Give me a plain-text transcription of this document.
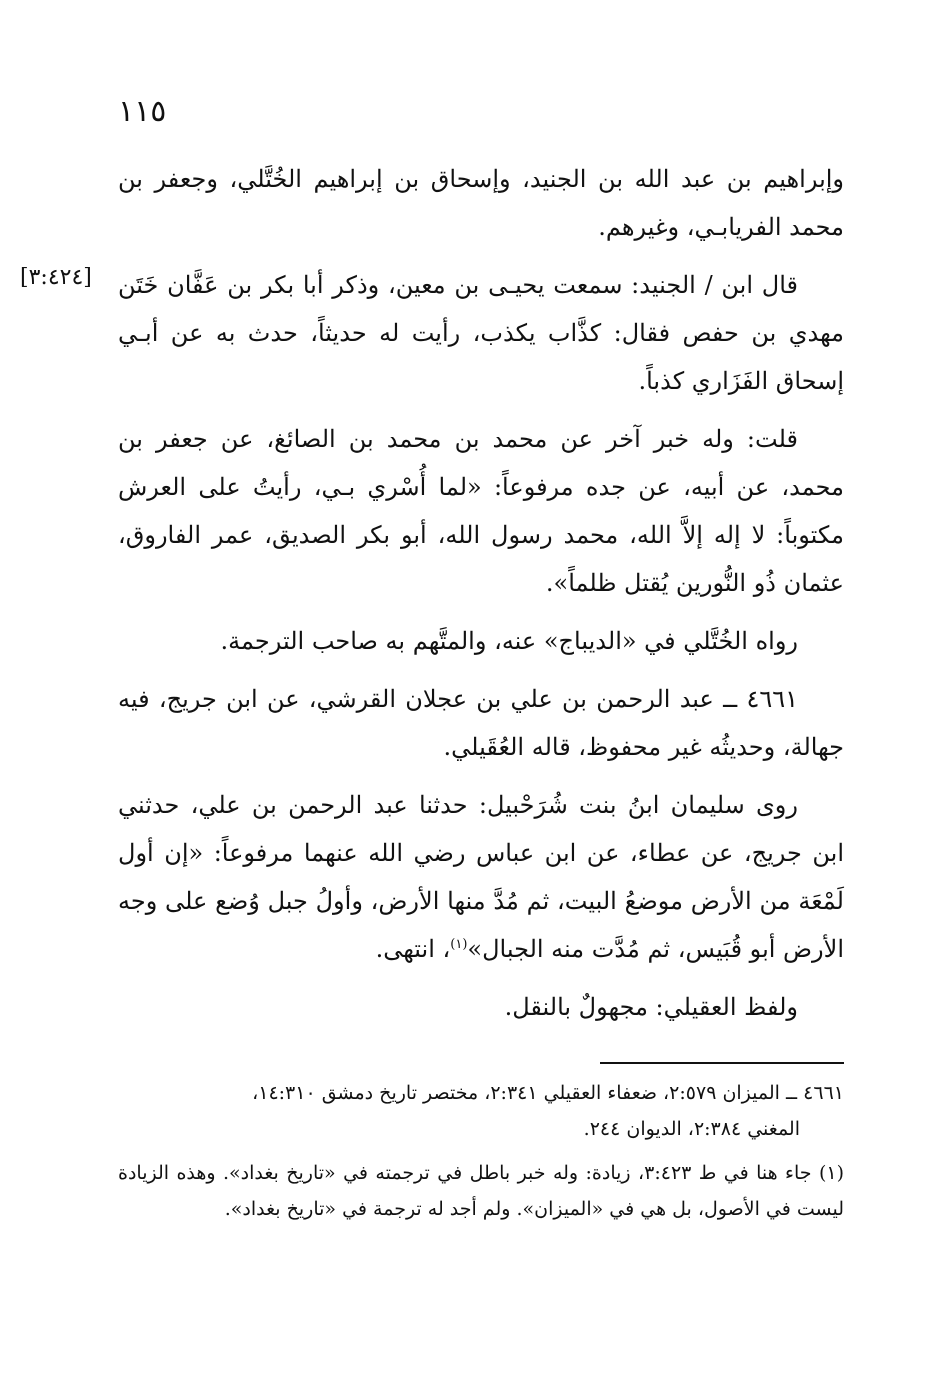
١١٥
[٣:٤٢٤]

وإبراهيم بن عبد الله بن الجنيد، وإسحاق بن إبراهيم الخُتَّلي، وجعفر بن محمد الفريابـي، وغيرهم.

قال ابن / الجنيد: سمعت يحيـى بن معين، وذكر أبا بكر بن عَفَّان خَتَن مهدي بن حفص فقال: كذَّاب يكذب، رأيت له حديثاً، حدث به عن أبـي إسحاق الفَزَاري كذباً.

قلت: وله خبر آخر عن محمد بن محمد بن الصائغ، عن جعفر بن محمد، عن أبيه، عن جده مرفوعاً: «لما أُسْري بـي، رأيتُ على العرش مكتوباً: لا إله إلاَّ الله، محمد رسول الله، أبو بكر الصديق، عمر الفاروق، عثمان ذُو النُّورين يُقتل ظلماً».

رواه الخُتَّلي في «الديباج» عنه، والمتَّهم به صاحب الترجمة.

٤٦٦١ ــ عبد الرحمن بن علي بن عجلان القرشي، عن ابن جريج، فيه جهالة، وحديثُه غير محفوظ، قاله العُقَيلي.

روى سليمان ابنُ بنت شُرَحْبيل: حدثنا عبد الرحمن بن علي، حدثني ابن جريج، عن عطاء، عن ابن عباس رضي الله عنهما مرفوعاً: «إن أول لَمْعَة من الأرض موضعُ البيت، ثم مُدَّ منها الأرض، وأولُ جبل وُضع على وجه الأرض أبو قُبَيس، ثم مُدَّت منه الجبال»$^{(١)}$، انتهى.

ولفظ العقيلي: مجهولٌ بالنقل.

٤٦٦١ ــ الميزان ٢:٥٧٩، ضعفاء العقيلي ٢:٣٤١، مختصر تاريخ دمشق ١٤:٣١٠،
المغني ٢:٣٨٤، الديوان ٢٤٤.
(١) جاء هنا في ط ٣:٤٢٣، زيادة: وله خبر باطل في ترجمته في «تاريخ بغداد». وهذه الزيادة ليست في الأصول، بل هي في «الميزان». ولم أجد له ترجمة في «تاريخ بغداد».
